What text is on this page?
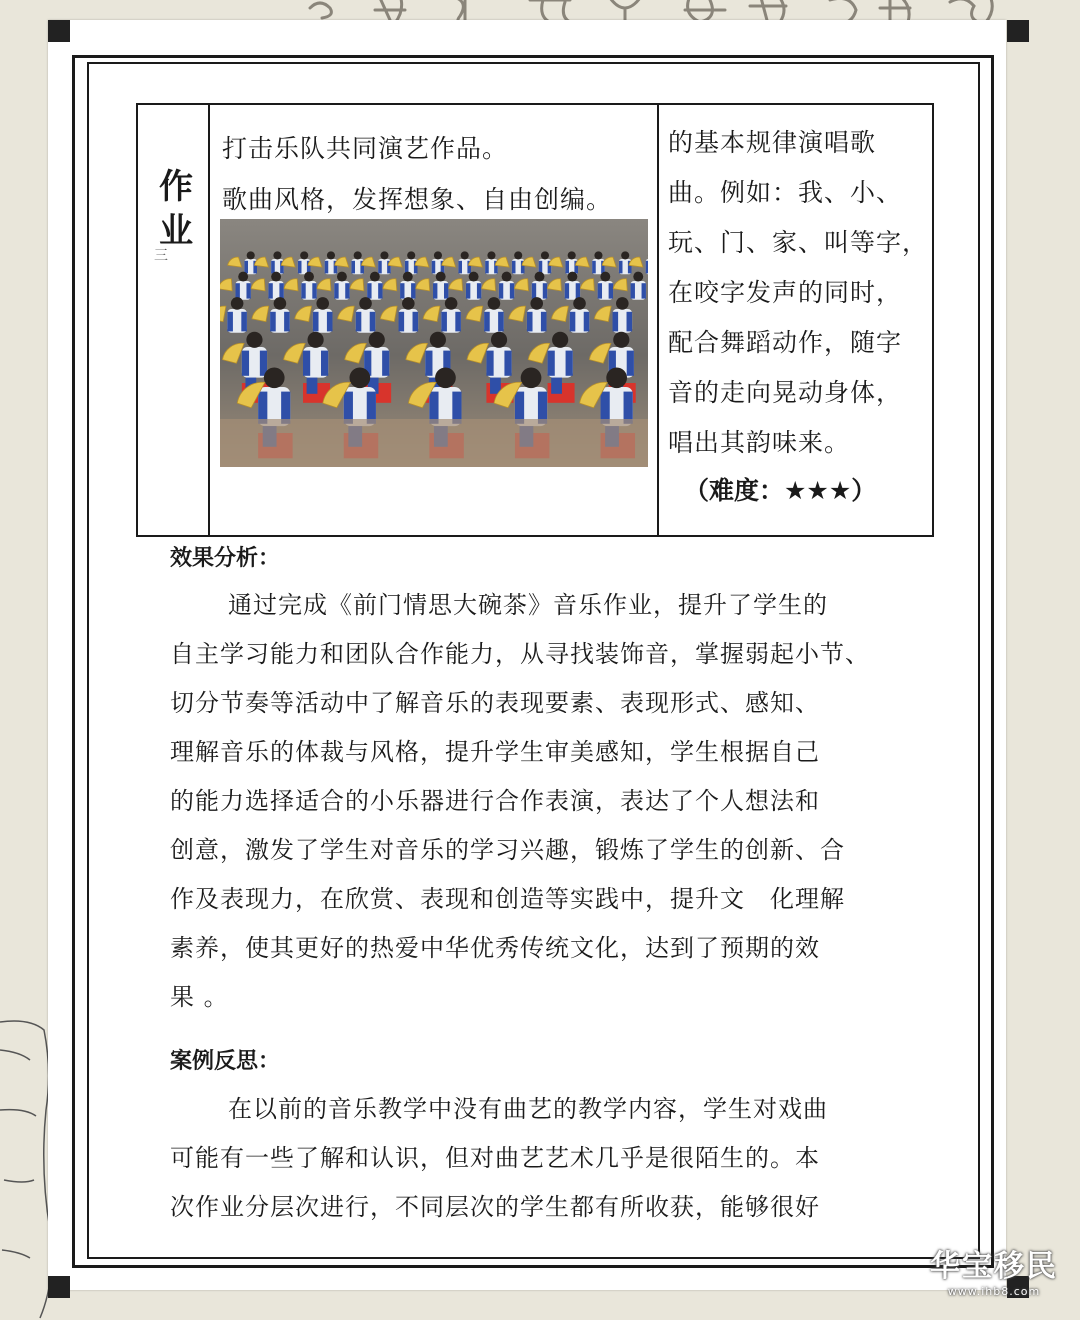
作业
三
打击乐队共同演艺作品。
歌曲风格，发挥想象、自由创编。
的基本规律演唱歌
曲。例如：我、小、
玩、门、家、叫等字，
在咬字发声的同时，
配合舞蹈动作，随字
音的走向晃动身体，
唱出其韵味来。
（难度：★★★）
效果分析：

通过完成《前门情思大碗茶》音乐作业，提升了学生的

自主学习能力和团队合作能力，从寻找装饰音，掌握弱起小节、

切分节奏等活动中了解音乐的表现要素、表现形式、感知、

理解音乐的体裁与风格，提升学生审美感知，学生根据自己

的能力选择适合的小乐器进行合作表演，表达了个人想法和

创意，激发了学生对音乐的学习兴趣，锻炼了学生的创新、合

作及表现力，在欣赏、表现和创造等实践中，提升文　化理解

素养，使其更好的热爱中华优秀传统文化，达到了预期的效

果 。

案例反思：

在以前的音乐教学中没有曲艺的教学内容，学生对戏曲

可能有一些了解和认识，但对曲艺艺术几乎是很陌生的。本

次作业分层次进行，不同层次的学生都有所收获，能够很好

华宝移民
www.ihb8.com
